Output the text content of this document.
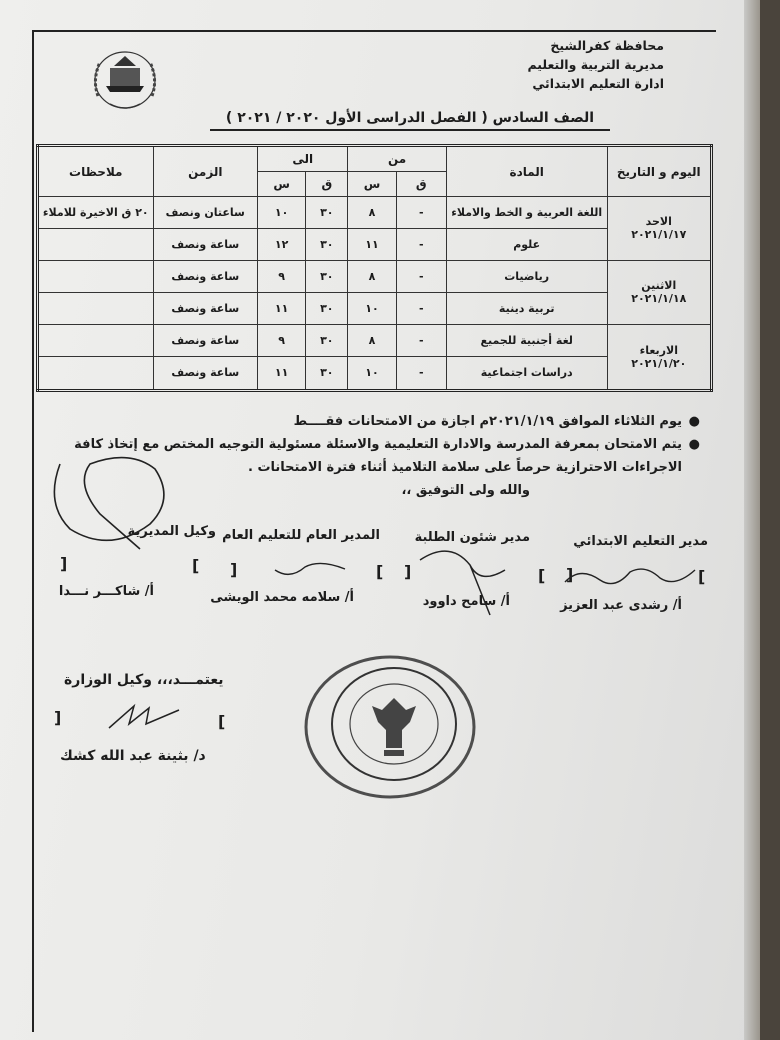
محافظة كفرالشيخ
مديرية التربية والتعليم
ادارة التعليم الابتدائي
الصف السادس ( الفصل الدراسى الأول ٢٠٢٠ / ٢٠٢١ )
اليوم و التاريخ	المادة	من		الى		الزمن	ملاحظات
		ق	س	ق	س		

الاحد
٢٠٢١/١/١٧	اللغة العربية و الخط والاملاء	-	٨	٣٠	١٠	ساعتان ونصف	٢٠ ق الاخيرة للاملاء
	علوم	-	١١	٣٠	١٢	ساعة ونصف	

الاثنين
٢٠٢١/١/١٨	رياضيات	-	٨	٣٠	٩	ساعة ونصف	
	تربية دينية	-	١٠	٣٠	١١	ساعة ونصف	

الاربعاء
٢٠٢١/١/٢٠	لغة أجنبية للجميع	-	٨	٣٠	٩	ساعة ونصف	
	دراسات اجتماعية	-	١٠	٣٠	١١	ساعة ونصف	
●
يوم الثلاثاء الموافق ٢٠٢١/١/١٩م اجازة من الامتحانات فقــــط
●
يتم الامتحان بمعرفة المدرسة والادارة التعليمية والاسئلة مسئولية التوجيه المختص مع إتخاذ كافة الاجراءات الاحترازية حرصاً على سلامة التلاميذ أثناء فترة الامتحانات .
والله ولى التوفيق ،،
مدير التعليم الابتدائي
مدير شئون الطلبة
المدير العام للتعليم العام
وكيل المديرية
[
]
[
]
[
]
[
]
أ/ رشدى عبد العزيز
أ/ سامح داوود
أ/ سلامه محمد الويشى
أ/ شاكـــر نـــدا
يعتمـــد،،، وكيل الوزارة
[
]
د/ بثينة عبد الله كشك
